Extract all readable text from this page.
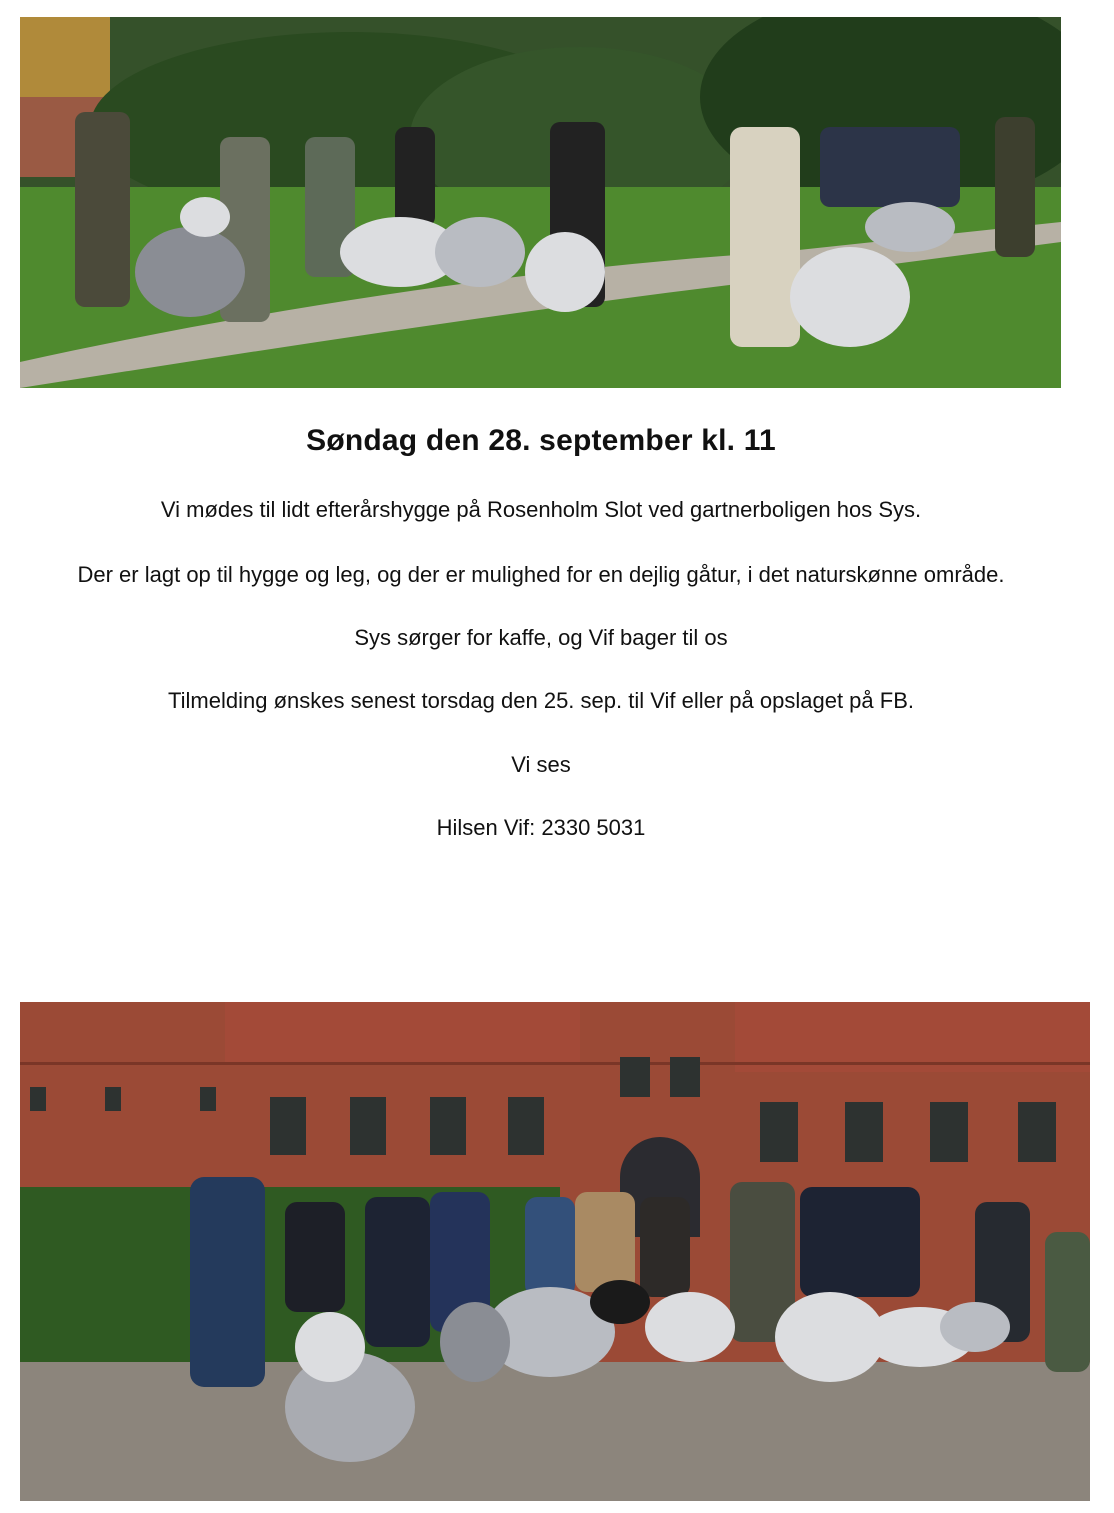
Søndag den 28. september kl. 11
Vi mødes til lidt efterårshygge på Rosenholm Slot ved gartnerboligen hos Sys.
Der er lagt op til hygge og leg, og der er mulighed for en dejlig gåtur, i det naturskønne område.
Sys sørger for kaffe, og Vif bager til os
Tilmelding ønskes senest torsdag den 25. sep. til Vif eller på opslaget på FB.
Vi ses
Hilsen Vif: 2330 5031
